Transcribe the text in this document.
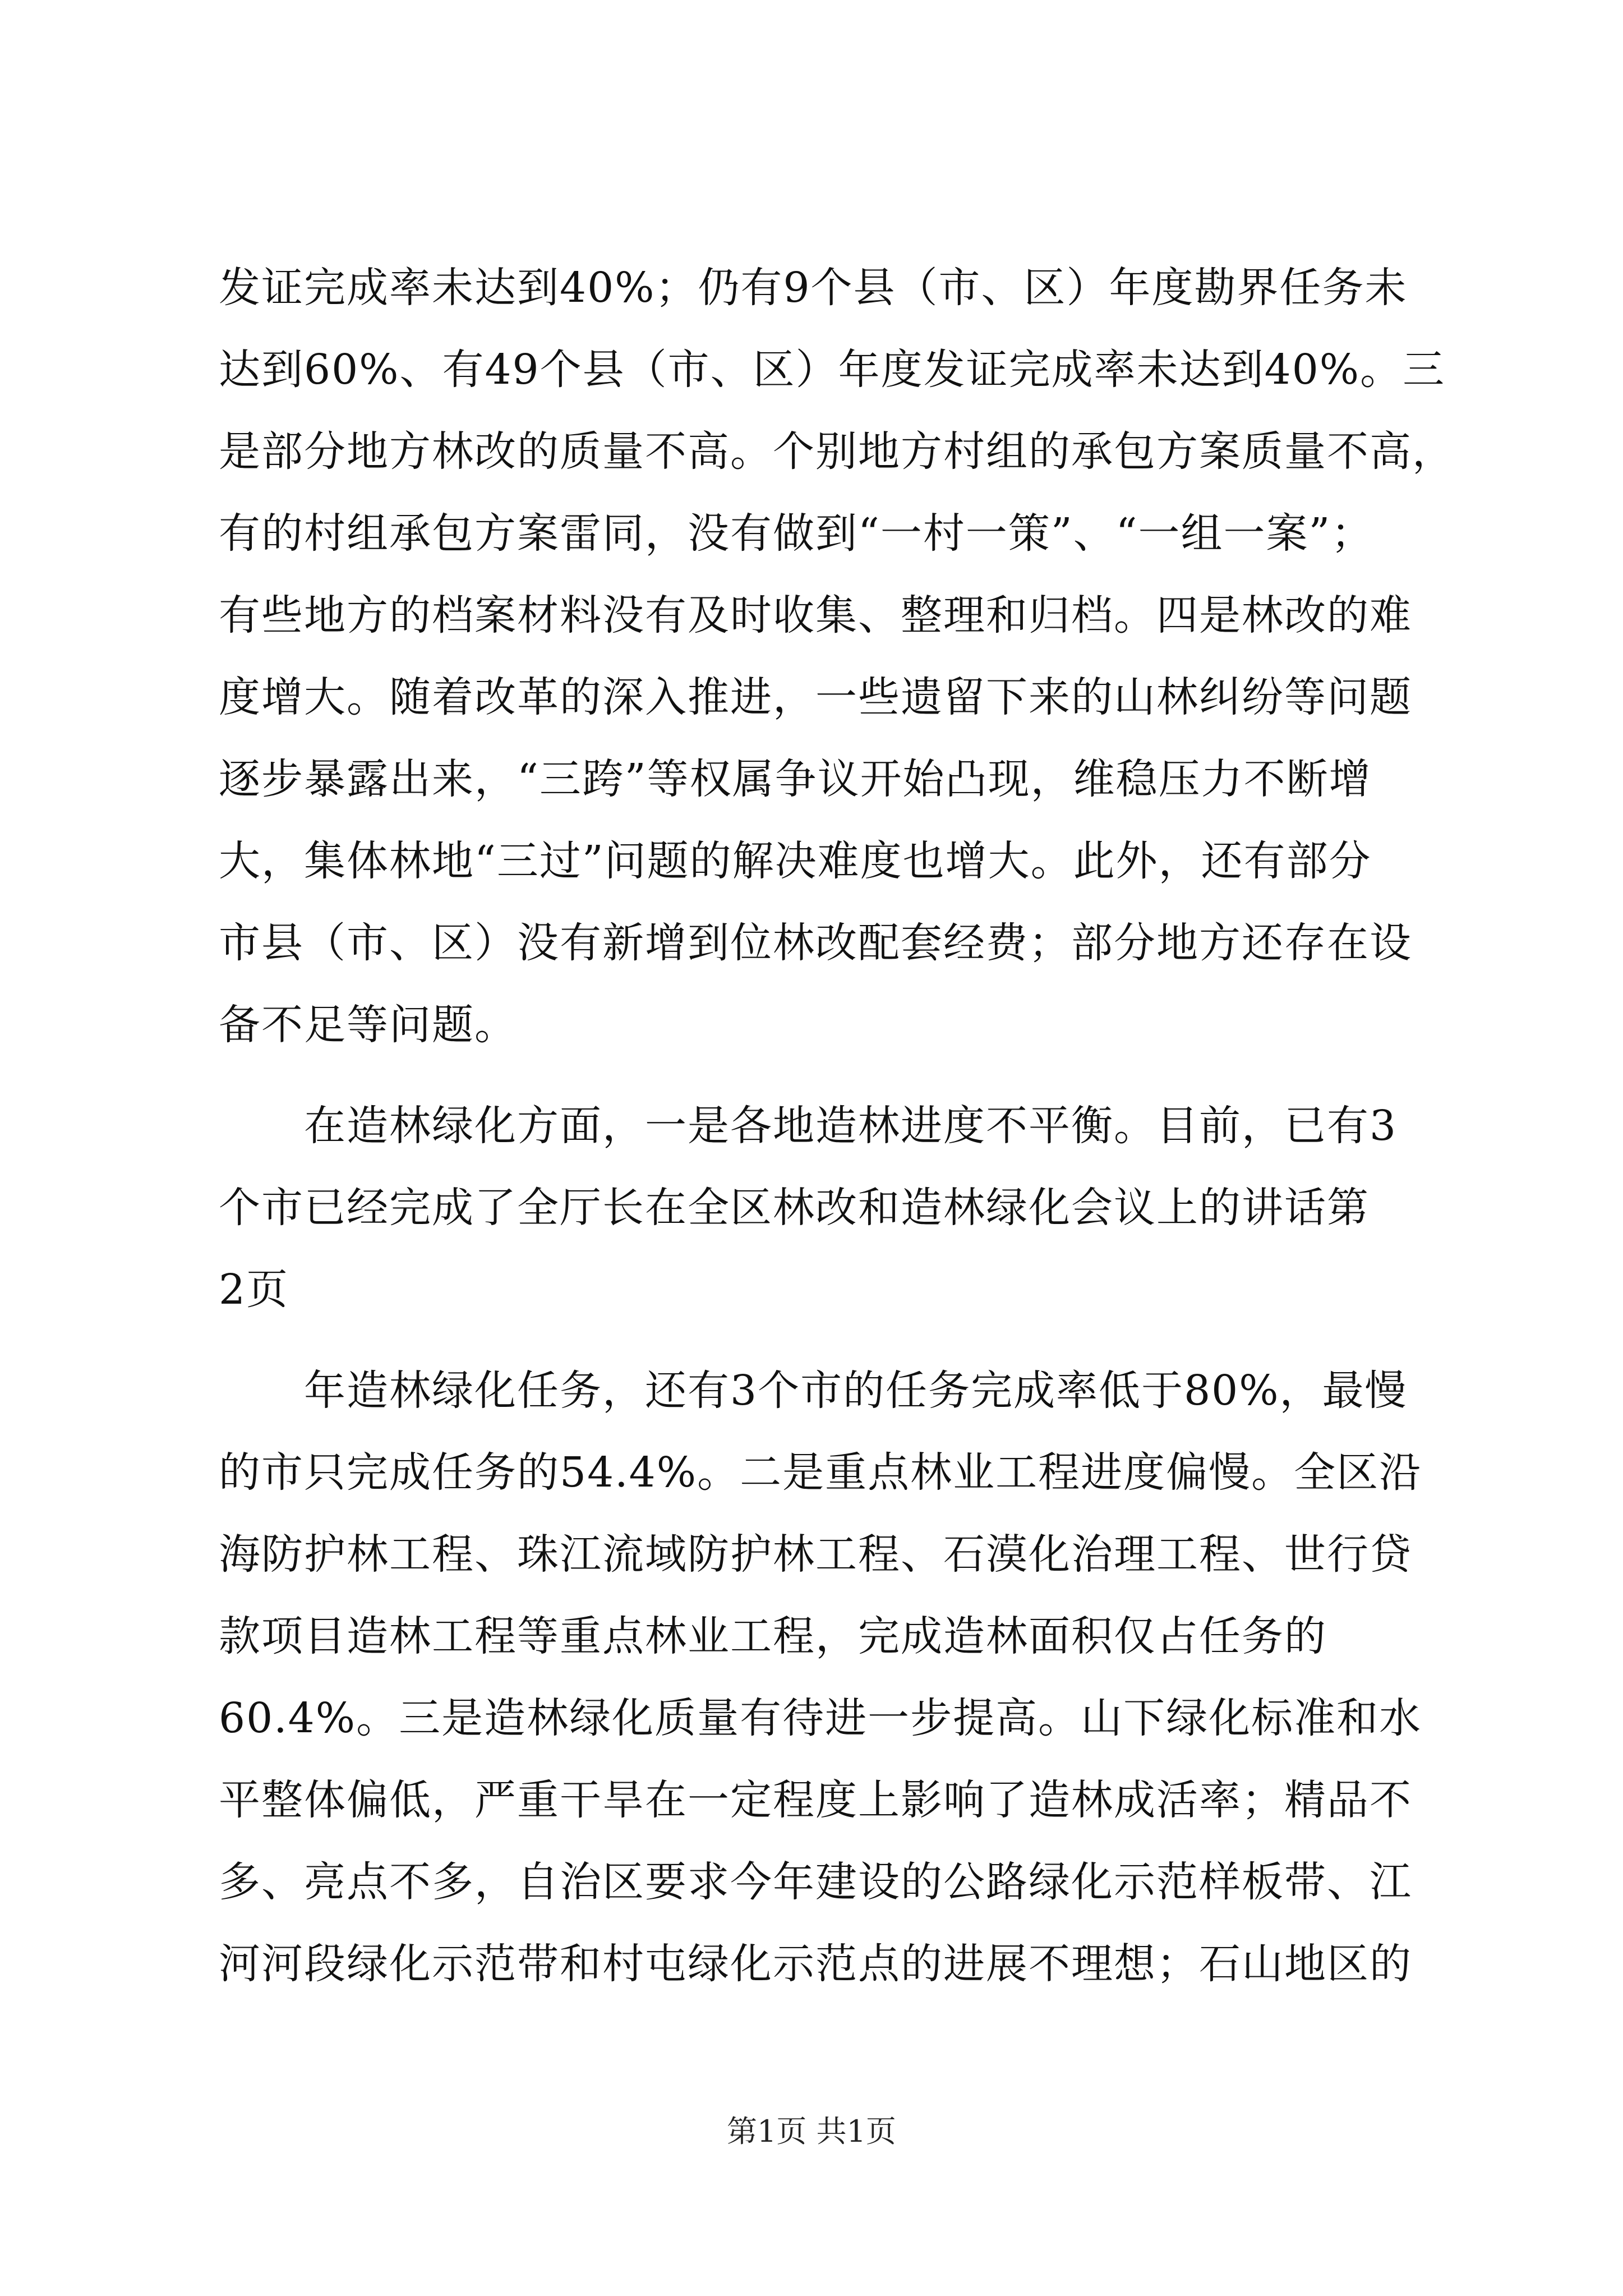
发证完成率未达到40%；仍有9个县（市、区）年度勘界任务未
达到60%、有49个县（市、区）年度发证完成率未达到40%。三
是部分地方林改的质量不高。个别地方村组的承包方案质量不高，
有的村组承包方案雷同，没有做到“一村一策”、“一组一案”；
有些地方的档案材料没有及时收集、整理和归档。四是林改的难
度增大。随着改革的深入推进，一些遗留下来的山林纠纷等问题
逐步暴露出来，“三跨”等权属争议开始凸现，维稳压力不断增
大，集体林地“三过”问题的解决难度也增大。此外，还有部分
市县（市、区）没有新增到位林改配套经费；部分地方还存在设
备不足等问题。
　　在造林绿化方面，一是各地造林进度不平衡。目前，已有3
个市已经完成了全厅长在全区林改和造林绿化会议上的讲话第
2页
　　年造林绿化任务，还有3个市的任务完成率低于80%，最慢
的市只完成任务的54.4%。二是重点林业工程进度偏慢。全区沿
海防护林工程、珠江流域防护林工程、石漠化治理工程、世行贷
款项目造林工程等重点林业工程，完成造林面积仅占任务的
60.4%。三是造林绿化质量有待进一步提高。山下绿化标准和水
平整体偏低，严重干旱在一定程度上影响了造林成活率；精品不
多、亮点不多，自治区要求今年建设的公路绿化示范样板带、江
河河段绿化示范带和村屯绿化示范点的进展不理想；石山地区的
第1页 共1页
